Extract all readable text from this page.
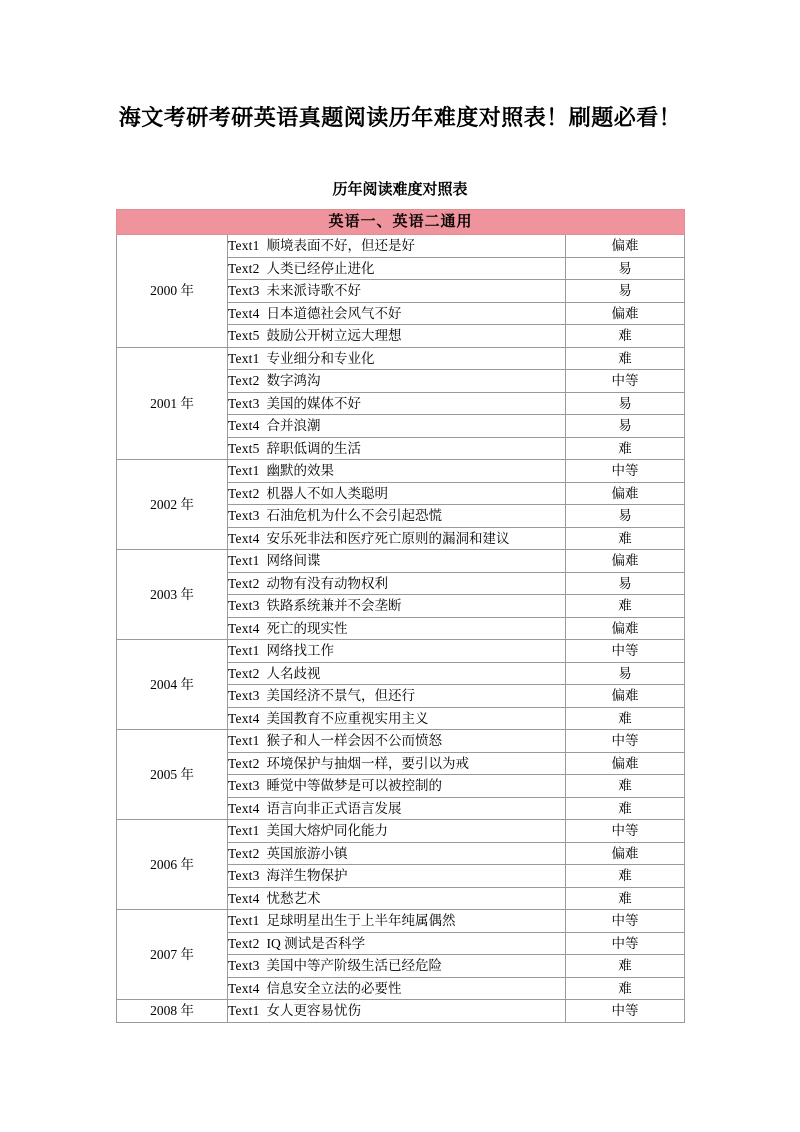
海文考研考研英语真题阅读历年难度对照表！刷题必看！
历年阅读难度对照表
英语一、英语二通用		
2000 年	Text1 顺境表面不好，但还是好	偏难
	Text2 人类已经停止进化	易
	Text3 未来派诗歌不好	易
	Text4 日本道德社会风气不好	偏难
	Text5 鼓励公开树立远大理想	难
2001 年	Text1 专业细分和专业化	难
	Text2 数字鸿沟	中等
	Text3 美国的媒体不好	易
	Text4 合并浪潮	易
	Text5 辞职低调的生活	难
2002 年	Text1 幽默的效果	中等
	Text2 机器人不如人类聪明	偏难
	Text3 石油危机为什么不会引起恐慌	易
	Text4 安乐死非法和医疗死亡原则的漏洞和建议	难
2003 年	Text1 网络间谍	偏难
	Text2 动物有没有动物权利	易
	Text3 铁路系统兼并不会垄断	难
	Text4 死亡的现实性	偏难
2004 年	Text1 网络找工作	中等
	Text2 人名歧视	易
	Text3 美国经济不景气，但还行	偏难
	Text4 美国教育不应重视实用主义	难
2005 年	Text1 猴子和人一样会因不公而愤怒	中等
	Text2 环境保护与抽烟一样，要引以为戒	偏难
	Text3 睡觉中等做梦是可以被控制的	难
	Text4 语言向非正式语言发展	难
2006 年	Text1 美国大熔炉同化能力	中等
	Text2 英国旅游小镇	偏难
	Text3 海洋生物保护	难
	Text4 忧愁艺术	难
2007 年	Text1 足球明星出生于上半年纯属偶然	中等
	Text2 IQ 测试是否科学	中等
	Text3 美国中等产阶级生活已经危险	难
	Text4 信息安全立法的必要性	难
2008 年	Text1 女人更容易忧伤	中等
